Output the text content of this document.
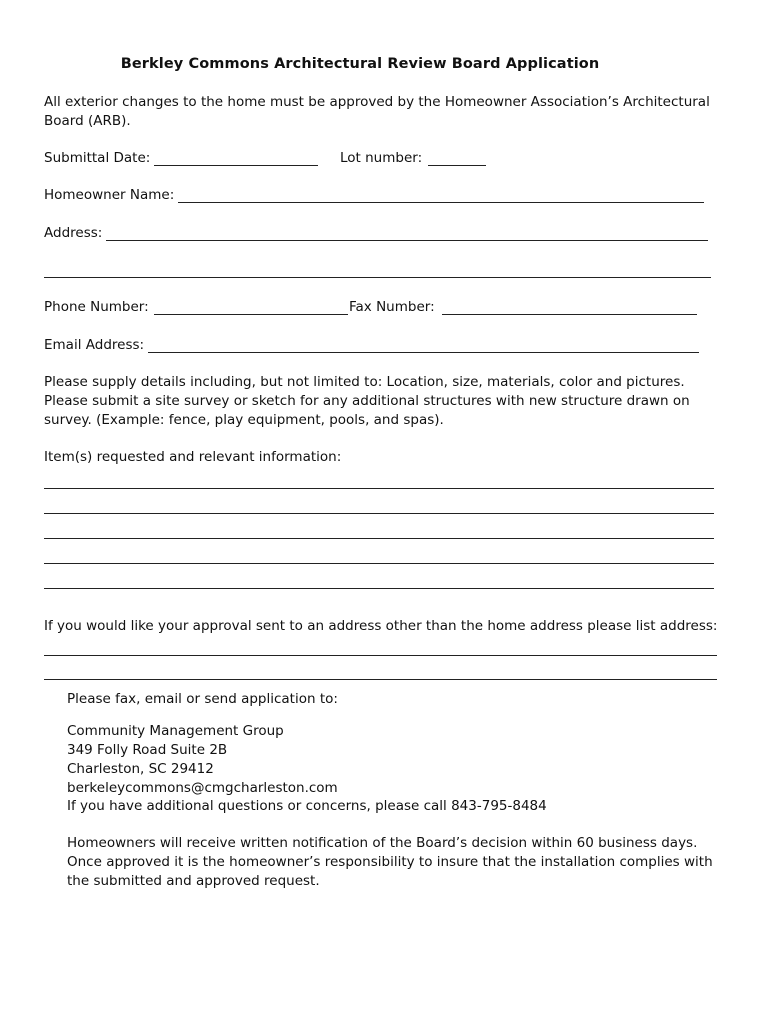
Berkley Commons Architectural Review Board Application
All exterior changes to the home must be approved by the Homeowner Association’s Architectural Board (ARB).
Submittal Date:	Lot number:
Homeowner Name:
Address:
Phone Number:	Fax Number:
Email Address:
Please supply details including, but not limited to: Location, size, materials, color and pictures.
Please submit a site survey or sketch for any additional structures with new structure drawn on
survey. (Example: fence, play equipment, pools, and spas).
Item(s) requested and relevant information:
If you would like your approval sent to an address other than the home address please list address:
Please fax, email or send application to:
Community Management Group
349 Folly Road Suite 2B
Charleston, SC 29412
berkeleycommons@cmgcharleston.com
If you have additional questions or concerns, please call 843-795-8484
Homeowners will receive written notification of the Board’s decision within 60 business days.
Once approved it is the homeowner’s responsibility to insure that the installation complies with
the submitted and approved request.
